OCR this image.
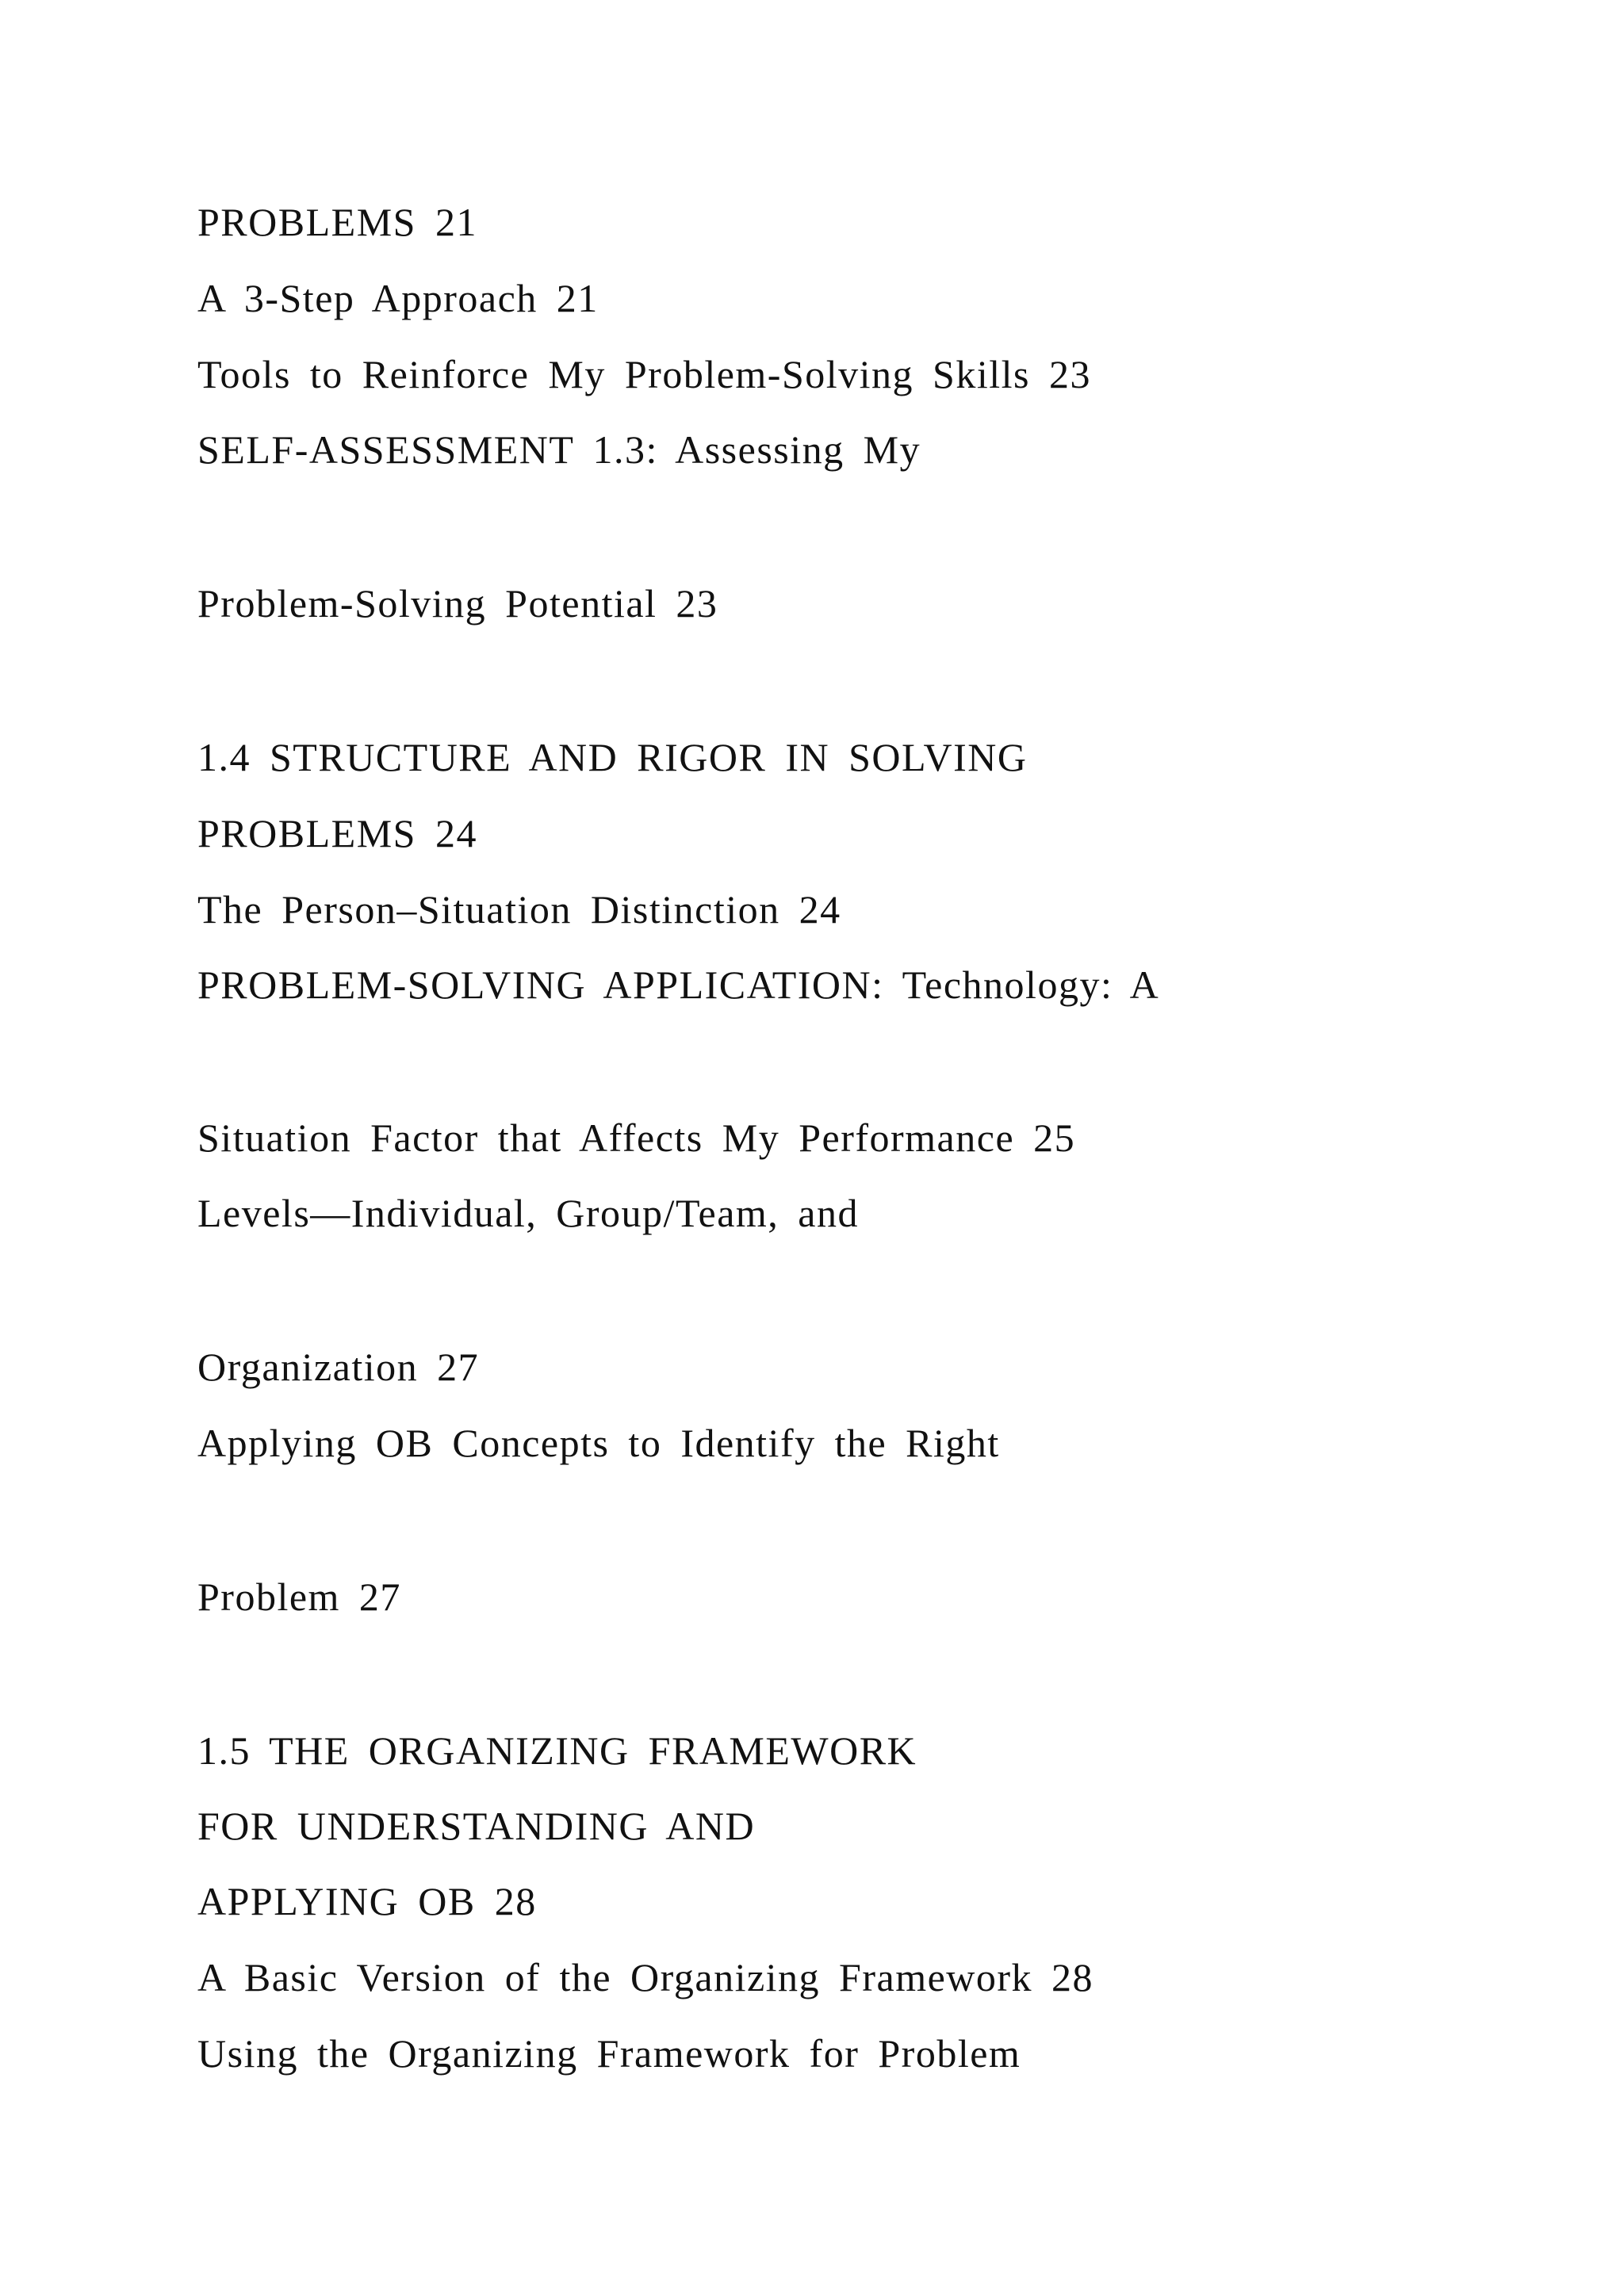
PROBLEMS 21
A 3-Step Approach 21
Tools to Reinforce My Problem-Solving Skills 23
SELF-ASSESSMENT 1.3: Assessing My
Problem-Solving Potential 23
1.4 STRUCTURE AND RIGOR IN SOLVING
PROBLEMS 24
The Person–Situation Distinction 24
PROBLEM-SOLVING APPLICATION: Technology: A
Situation Factor that Affects My Performance 25
Levels—Individual, Group/Team, and
Organization 27
Applying OB Concepts to Identify the Right
Problem 27
1.5 THE ORGANIZING FRAMEWORK
FOR UNDERSTANDING AND
APPLYING OB 28
A Basic Version of the Organizing Framework 28
Using the Organizing Framework for Problem
